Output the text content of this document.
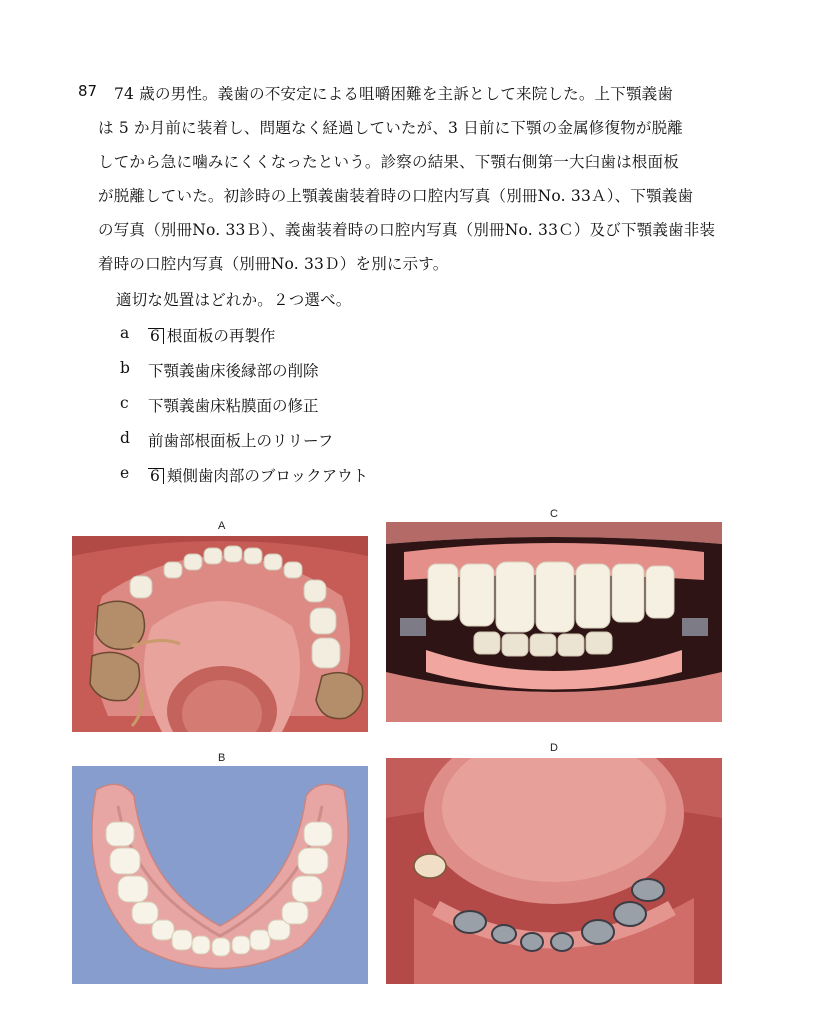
87 74 歳の男性。義歯の不安定による咀嚼困難を主訴として来院した。上下顎義歯
は 5 か月前に装着し、問題なく経過していたが、3 日前に下顎の金属修復物が脱離
してから急に噛みにくくなったという。診察の結果、下顎右側第一大臼歯は根面板
が脱離していた。初診時の上顎義歯装着時の口腔内写真（別冊No. 33Ａ）、下顎義歯
の写真（別冊No. 33Ｂ）、義歯装着時の口腔内写真（別冊No. 33Ｃ）及び下顎義歯非装
着時の口腔内写真（別冊No. 33Ｄ）を別に示す。
適切な処置はどれか。２つ選べ。
a	6 根面板の再製作
b	下顎義歯床後縁部の削除
c	下顎義歯床粘膜面の修正
d	前歯部根面板上のリリーフ
e	6 頬側歯肉部のブロックアウト
A
C
B
D
